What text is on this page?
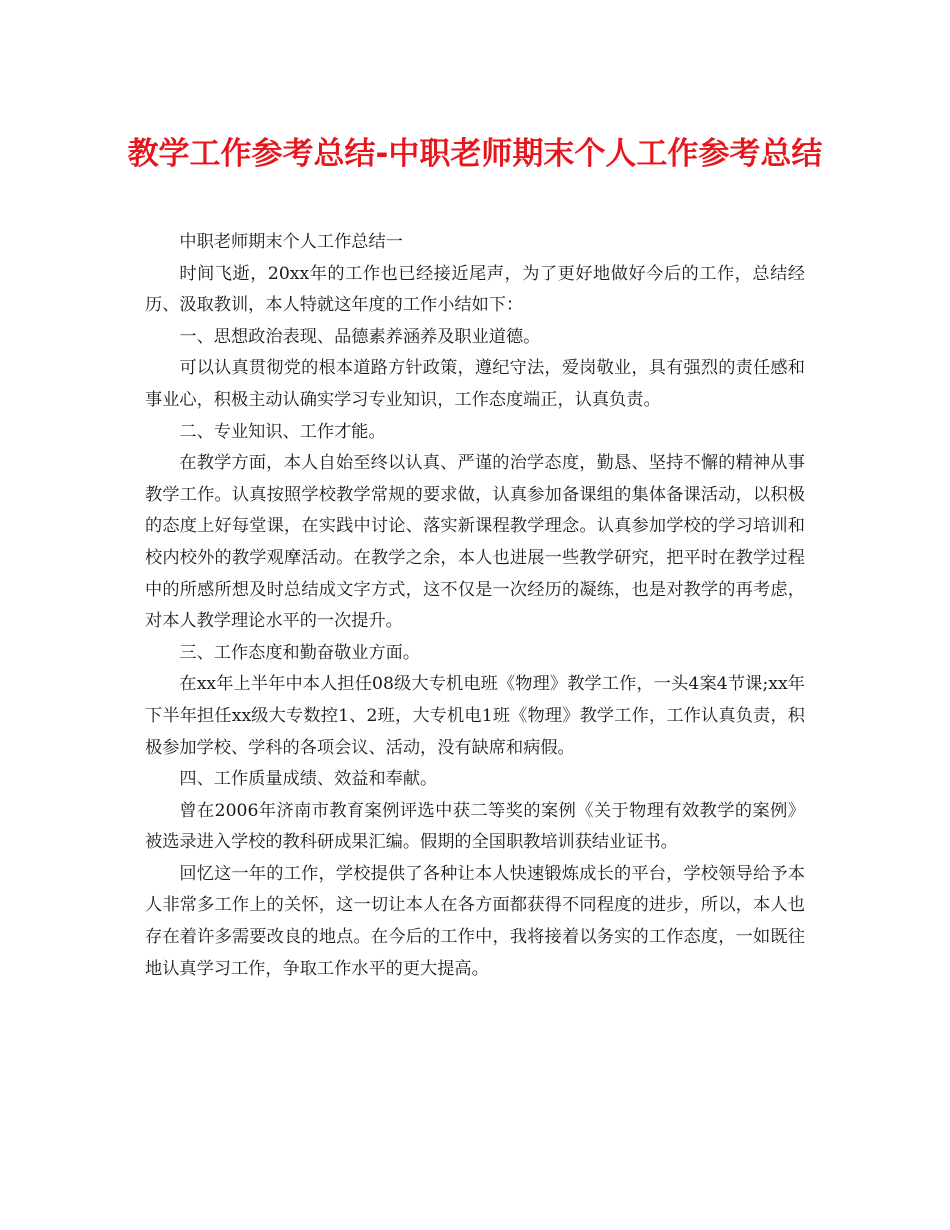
教学工作参考总结-中职老师期末个人工作参考总结

中职老师期末个人工作总结一

时间飞逝，20xx年的工作也已经接近尾声，为了更好地做好今后的工作，总结经历、汲取教训，本人特就这年度的工作小结如下：

一、思想政治表现、品德素养涵养及职业道德。

可以认真贯彻党的根本道路方针政策，遵纪守法，爱岗敬业，具有强烈的责任感和事业心，积极主动认确实学习专业知识，工作态度端正，认真负责。

二、专业知识、工作才能。

在教学方面，本人自始至终以认真、严谨的治学态度，勤恳、坚持不懈的精神从事教学工作。认真按照学校教学常规的要求做，认真参加备课组的集体备课活动，以积极的态度上好每堂课，在实践中讨论、落实新课程教学理念。认真参加学校的学习培训和校内校外的教学观摩活动。在教学之余，本人也进展一些教学研究，把平时在教学过程中的所感所想及时总结成文字方式，这不仅是一次经历的凝练，也是对教学的再考虑，对本人教学理论水平的一次提升。

三、工作态度和勤奋敬业方面。

在xx年上半年中本人担任08级大专机电班《物理》教学工作，一头4案4节课;xx年下半年担任xx级大专数控1、2班，大专机电1班《物理》教学工作，工作认真负责，积极参加学校、学科的各项会议、活动，没有缺席和病假。

四、工作质量成绩、效益和奉献。

曾在2006年济南市教育案例评选中获二等奖的案例《关于物理有效教学的案例》被选录进入学校的教科研成果汇编。假期的全国职教培训获结业证书。

回忆这一年的工作，学校提供了各种让本人快速锻炼成长的平台，学校领导给予本人非常多工作上的关怀，这一切让本人在各方面都获得不同程度的进步，所以，本人也存在着许多需要改良的地点。在今后的工作中，我将接着以务实的工作态度，一如既往地认真学习工作，争取工作水平的更大提高。
